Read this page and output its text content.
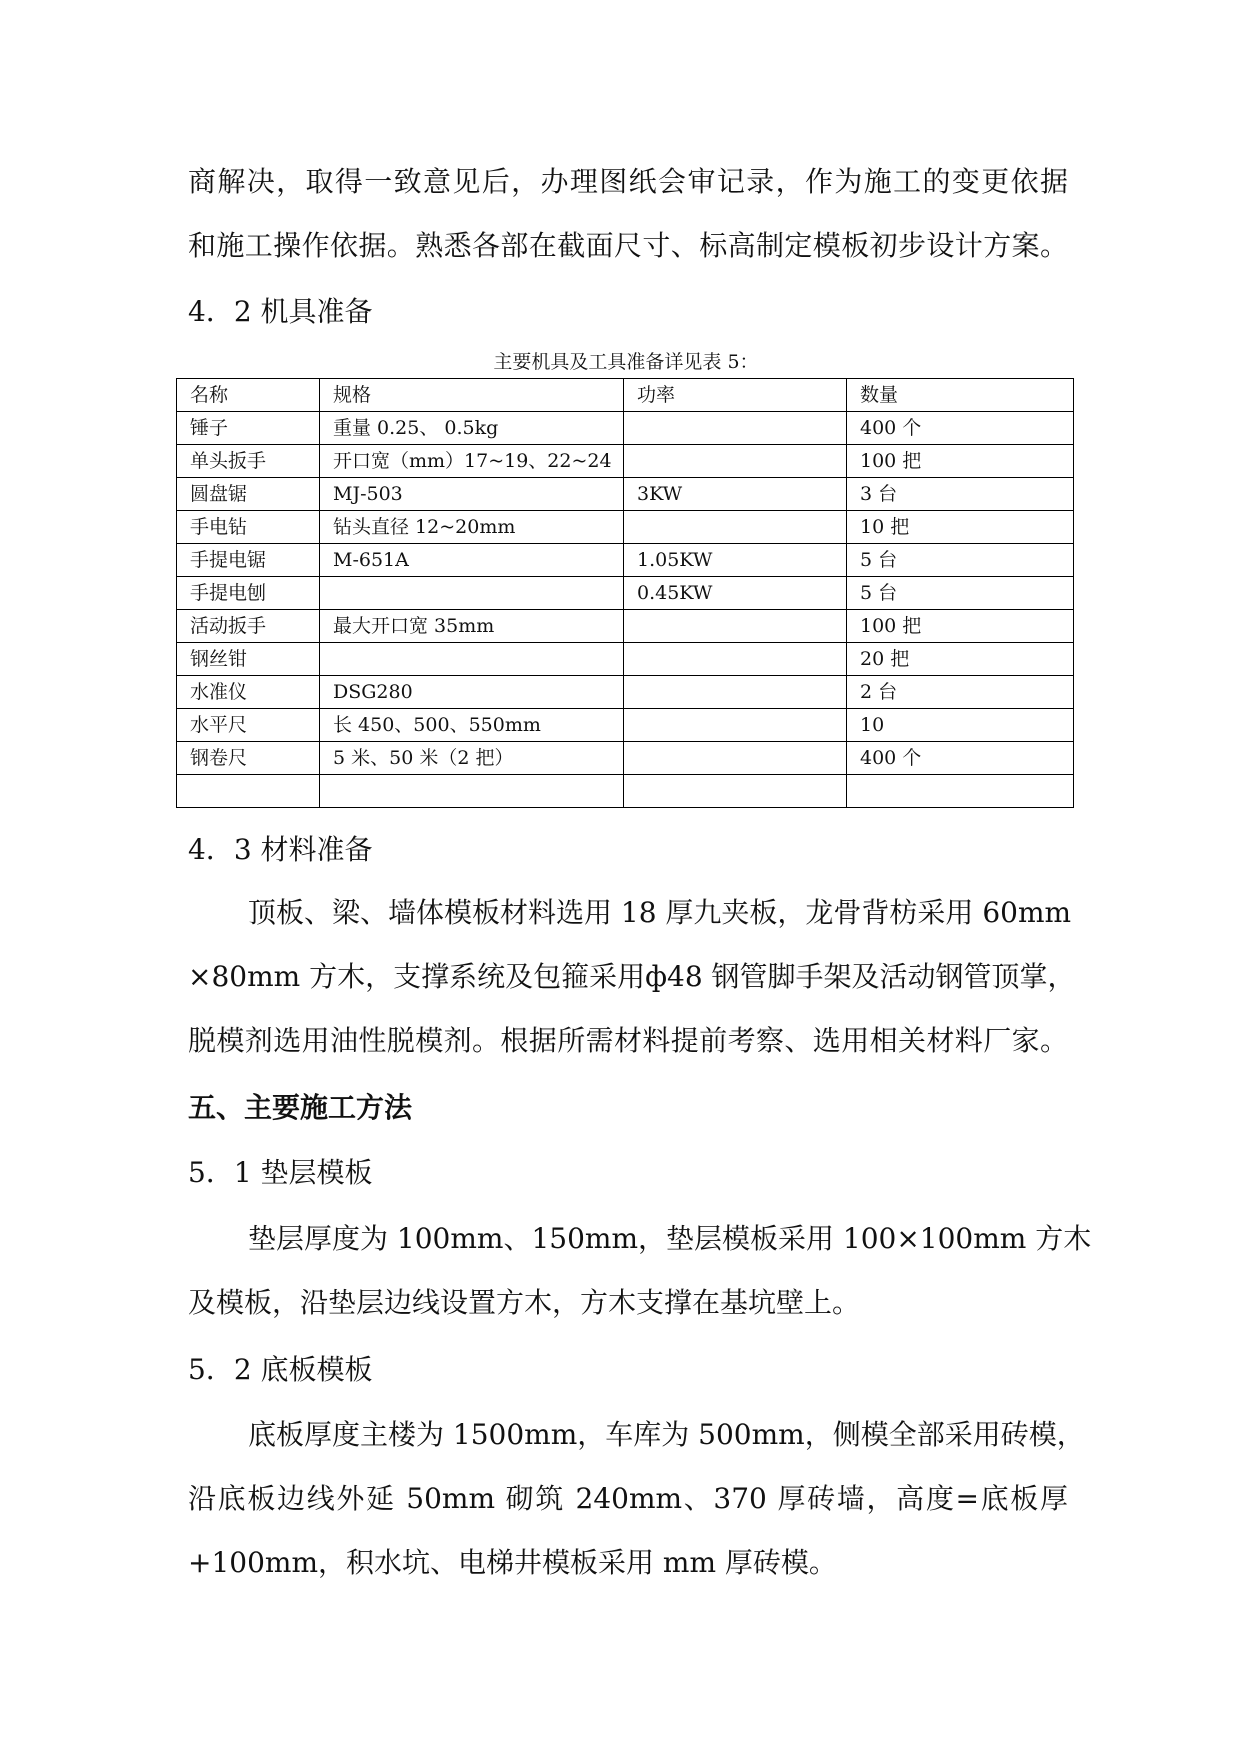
商解决，取得一致意见后，办理图纸会审记录，作为施工的变更依据
和施工操作依据。熟悉各部在截面尺寸、标高制定模板初步设计方案。
4．2 机具准备
主要机具及工具准备详见表 5：
名称	规格	功率	数量
锤子	重量 0.25、 0.5kg		400 个
单头扳手	开口宽（mm）17~19、22~24		100 把
圆盘锯	MJ-503	3KW	3 台
手电钻	钻头直径 12~20mm		10 把
手提电锯	M-651A	1.05KW	5 台
手提电刨		0.45KW	5 台
活动扳手	最大开口宽 35mm		100 把
钢丝钳			20 把
水准仪	DSG280		2 台
水平尺	长 450、500、550mm		10
钢卷尺	5 米、50 米（2 把）		400 个

4．3 材料准备
顶板、梁、墙体模板材料选用 18 厚九夹板，龙骨背枋采用 60mm
×80mm 方木，支撑系统及包箍采用ф48 钢管脚手架及活动钢管顶掌，
脱模剂选用油性脱模剂。根据所需材料提前考察、选用相关材料厂家。
五、主要施工方法
5．1 垫层模板
垫层厚度为 100mm、150mm，垫层模板采用 100×100mm 方木
及模板，沿垫层边线设置方木，方木支撑在基坑壁上。
5．2 底板模板
底板厚度主楼为 1500mm，车库为 500mm，侧模全部采用砖模，
沿底板边线外延 50mm 砌筑 240mm、370 厚砖墙，高度=底板厚
+100mm，积水坑、电梯井模板采用 mm 厚砖模。
